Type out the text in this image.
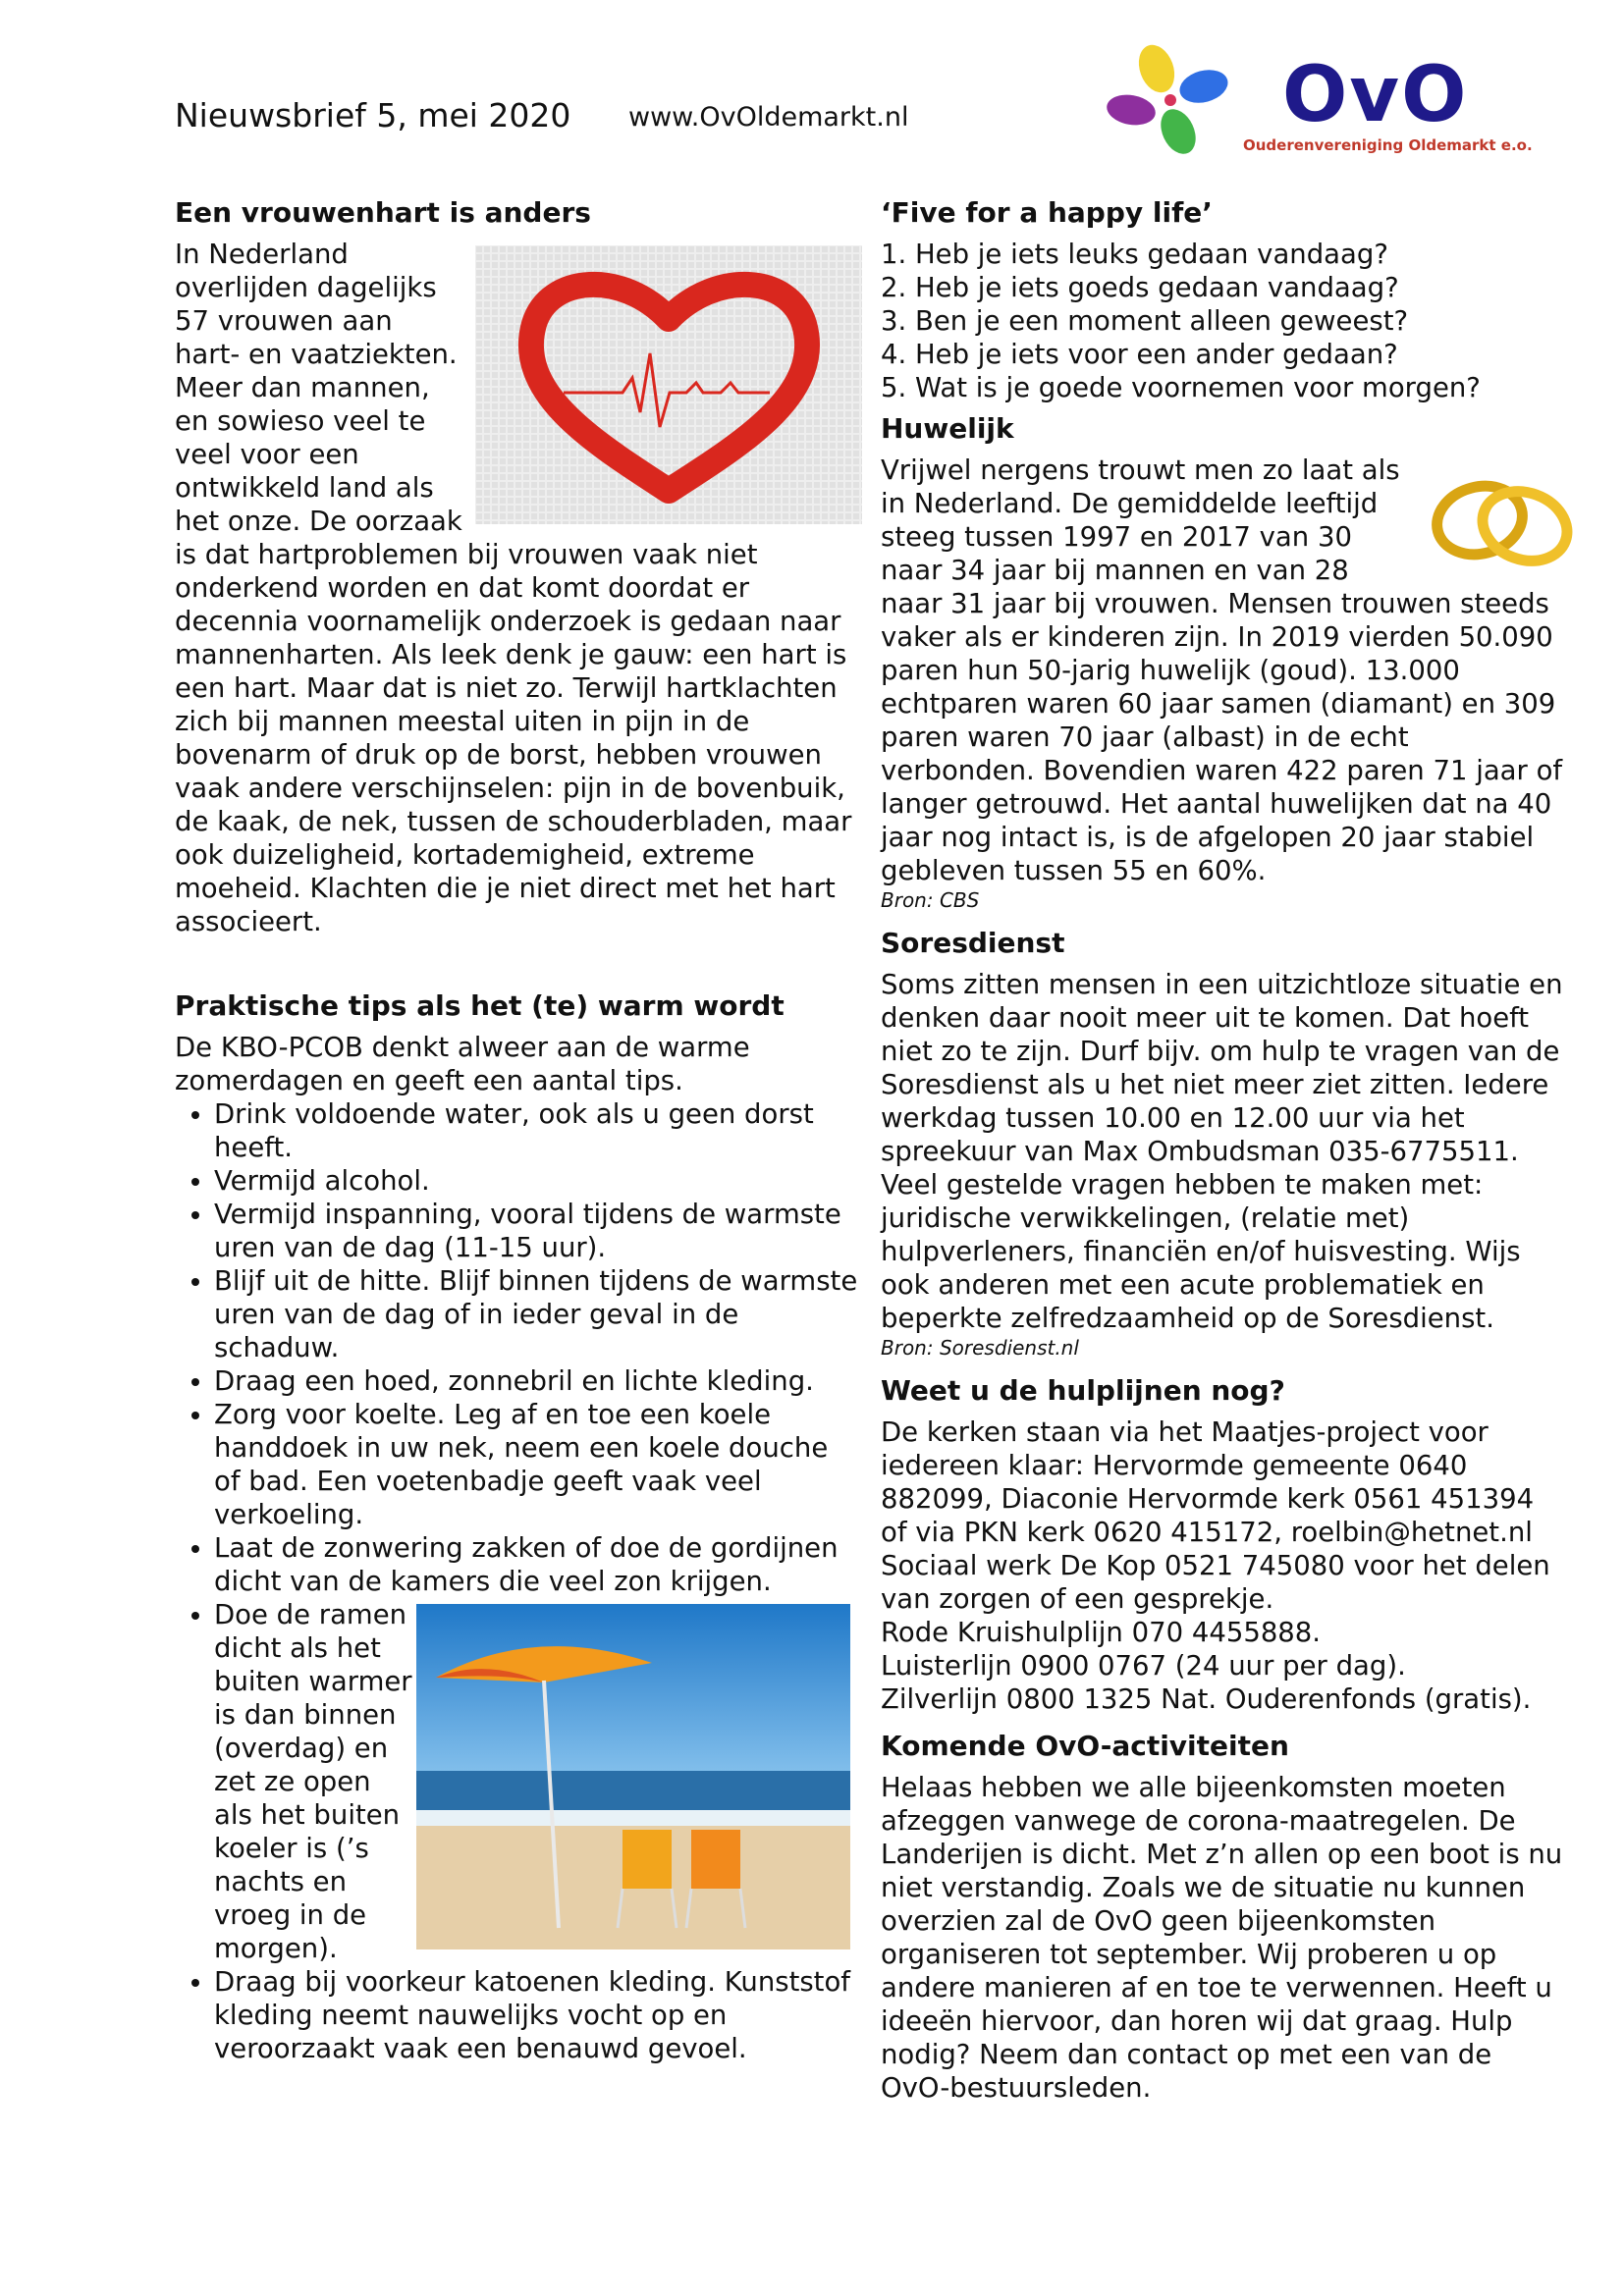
Nieuwsbrief 5, mei 2020 www.OvOldemarkt.nl	OvO
Ouderenvereniging Oldemarkt e.o.
Een vrouwenhart is anders

In Nederland overlijden dagelijks 57 vrouwen aan hart- en vaatziekten. Meer dan mannen, en sowieso veel te veel voor een ontwikkeld land als het onze. De oorzaak is dat hartproblemen bij vrouwen vaak niet onderkend worden en dat komt doordat er decennia voornamelijk onderzoek is gedaan naar mannenharten. Als leek denk je gauw: een hart is een hart. Maar dat is niet zo. Terwijl hartklachten zich bij mannen meestal uiten in pijn in de bovenarm of druk op de borst, hebben vrouwen vaak andere verschijnselen: pijn in de bovenbuik, de kaak, de nek, tussen de schouderbladen, maar ook duizeligheid, kortademigheid, extreme moeheid. Klachten die je niet direct met het hart associeert.

Praktische tips als het (te) warm wordt

De KBO-PCOB denkt alweer aan de warme zomerdagen en geeft een aantal tips.

• Drink voldoende water, ook als u geen dorst heeft.
• Vermijd alcohol.
• Vermijd inspanning, vooral tijdens de warmste uren van de dag (11-15 uur).
• Blijf uit de hitte. Blijf binnen tijdens de warmste uren van de dag of in ieder geval in de schaduw.
• Draag een hoed, zonnebril en lichte kleding.
• Zorg voor koelte. Leg af en toe een koele handdoek in uw nek, neem een koele douche of bad. Een voetenbadje geeft vaak veel verkoeling.
• Laat de zonwering zakken of doe de gordijnen dicht van de kamers die veel zon krijgen.
• Doe de ramen dicht als het buiten warmer is dan binnen (overdag) en zet ze open als het buiten koeler is (’s nachts en vroeg in de morgen).
• Draag bij voorkeur katoenen kleding. Kunststof kleding neemt nauwelijks vocht op en veroorzaakt vaak een benauwd gevoel.
‘Five for a happy life’
1. Heb je iets leuks gedaan vandaag?
2. Heb je iets goeds gedaan vandaag?
3. Ben je een moment alleen geweest?
4. Heb je iets voor een ander gedaan?
5. Wat is je goede voornemen voor morgen?
Huwelijk

Vrijwel nergens trouwt men zo laat als in Nederland. De gemiddelde leeftijd steeg tussen 1997 en 2017 van 30 naar 34 jaar bij mannen en van 28 naar 31 jaar bij vrouwen. Mensen trouwen steeds vaker als er kinderen zijn. In 2019 vierden 50.090 paren hun 50-jarig huwelijk (goud). 13.000 echtparen waren 60 jaar samen (diamant) en 309 paren waren 70 jaar (albast) in de echt verbonden. Bovendien waren 422 paren 71 jaar of langer getrouwd. Het aantal huwelijken dat na 40 jaar nog intact is, is de afgelopen 20 jaar stabiel gebleven tussen 55 en 60%.

Bron: CBS

Soresdienst

Soms zitten mensen in een uitzichtloze situatie en denken daar nooit meer uit te komen. Dat hoeft niet zo te zijn. Durf bijv. om hulp te vragen van de Soresdienst als u het niet meer ziet zitten. Iedere werkdag tussen 10.00 en 12.00 uur via het spreekuur van Max Ombudsman 035-6775511. Veel gestelde vragen hebben te maken met: juridische verwikkelingen, (relatie met) hulpverleners, financiën en/of huisvesting. Wijs ook anderen met een acute problematiek en beperkte zelfredzaamheid op de Soresdienst.

Bron: Soresdienst.nl

Weet u de hulplijnen nog?

De kerken staan via het Maatjes-project voor iedereen klaar: Hervormde gemeente 0640 882099, Diaconie Hervormde kerk 0561 451394 of via PKN kerk 0620 415172, roelbin@hetnet.nl

Sociaal werk De Kop 0521 745080 voor het delen van zorgen of een gesprekje.

Rode Kruishulplijn 070 4455888.

Luisterlijn 0900 0767 (24 uur per dag).

Zilverlijn 0800 1325 Nat. Ouderenfonds (gratis).

Komende OvO-activiteiten

Helaas hebben we alle bijeenkomsten moeten afzeggen vanwege de corona-maatregelen. De Landerijen is dicht. Met z’n allen op een boot is nu niet verstandig. Zoals we de situatie nu kunnen overzien zal de OvO geen bijeenkomsten organiseren tot september. Wij proberen u op andere manieren af en toe te verwennen. Heeft u ideeën hiervoor, dan horen wij dat graag. Hulp nodig? Neem dan contact op met een van de OvO-bestuursleden.
